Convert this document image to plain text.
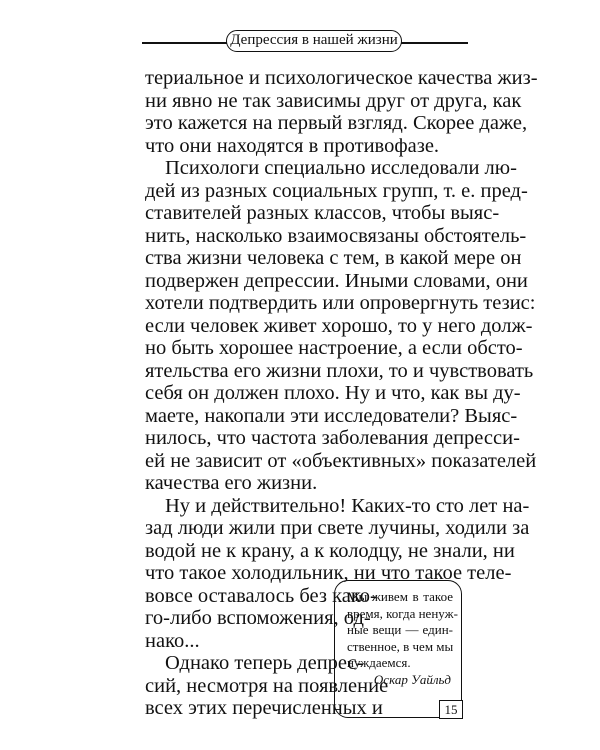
Депрессия в нашей жизни
териальное и психологическое качества жиз-
ни явно не так зависимы друг от друга, как
это кажется на первый взгляд. Скорее даже,
что они находятся в противофазе.
Психологи специально исследовали лю-
дей из разных социальных групп, т. е. пред-
ставителей разных классов, чтобы выяс-
нить, насколько взаимосвязаны обстоятель-
ства жизни человека с тем, в какой мере он
подвержен депрессии. Иными словами, они
хотели подтвердить или опровергнуть тезис:
если человек живет хорошо, то у него долж-
но быть хорошее настроение, а если обсто-
ятельства его жизни плохи, то и чувствовать
себя он должен плохо. Ну и что, как вы ду-
маете, накопали эти исследователи? Выяс-
нилось, что частота заболевания депресси-
ей не зависит от «объективных» показателей
качества его жизни.
Ну и действительно! Каких-то сто лет на-
зад люди жили при свете лучины, ходили за
водой не к крану, а к колодцу, не знали, ни
что такое холодильник, ни что такое теле-
Мы живем в такое
время, когда ненуж-
ные вещи — един-
ственное, в чем мы
нуждаемся.
Оскар Уайльд
15
вовсе оставалось без како-
го-либо вспоможения, од-
нако...
Однако теперь депрес-
сий, несмотря на появление
всех этих перечисленных и
